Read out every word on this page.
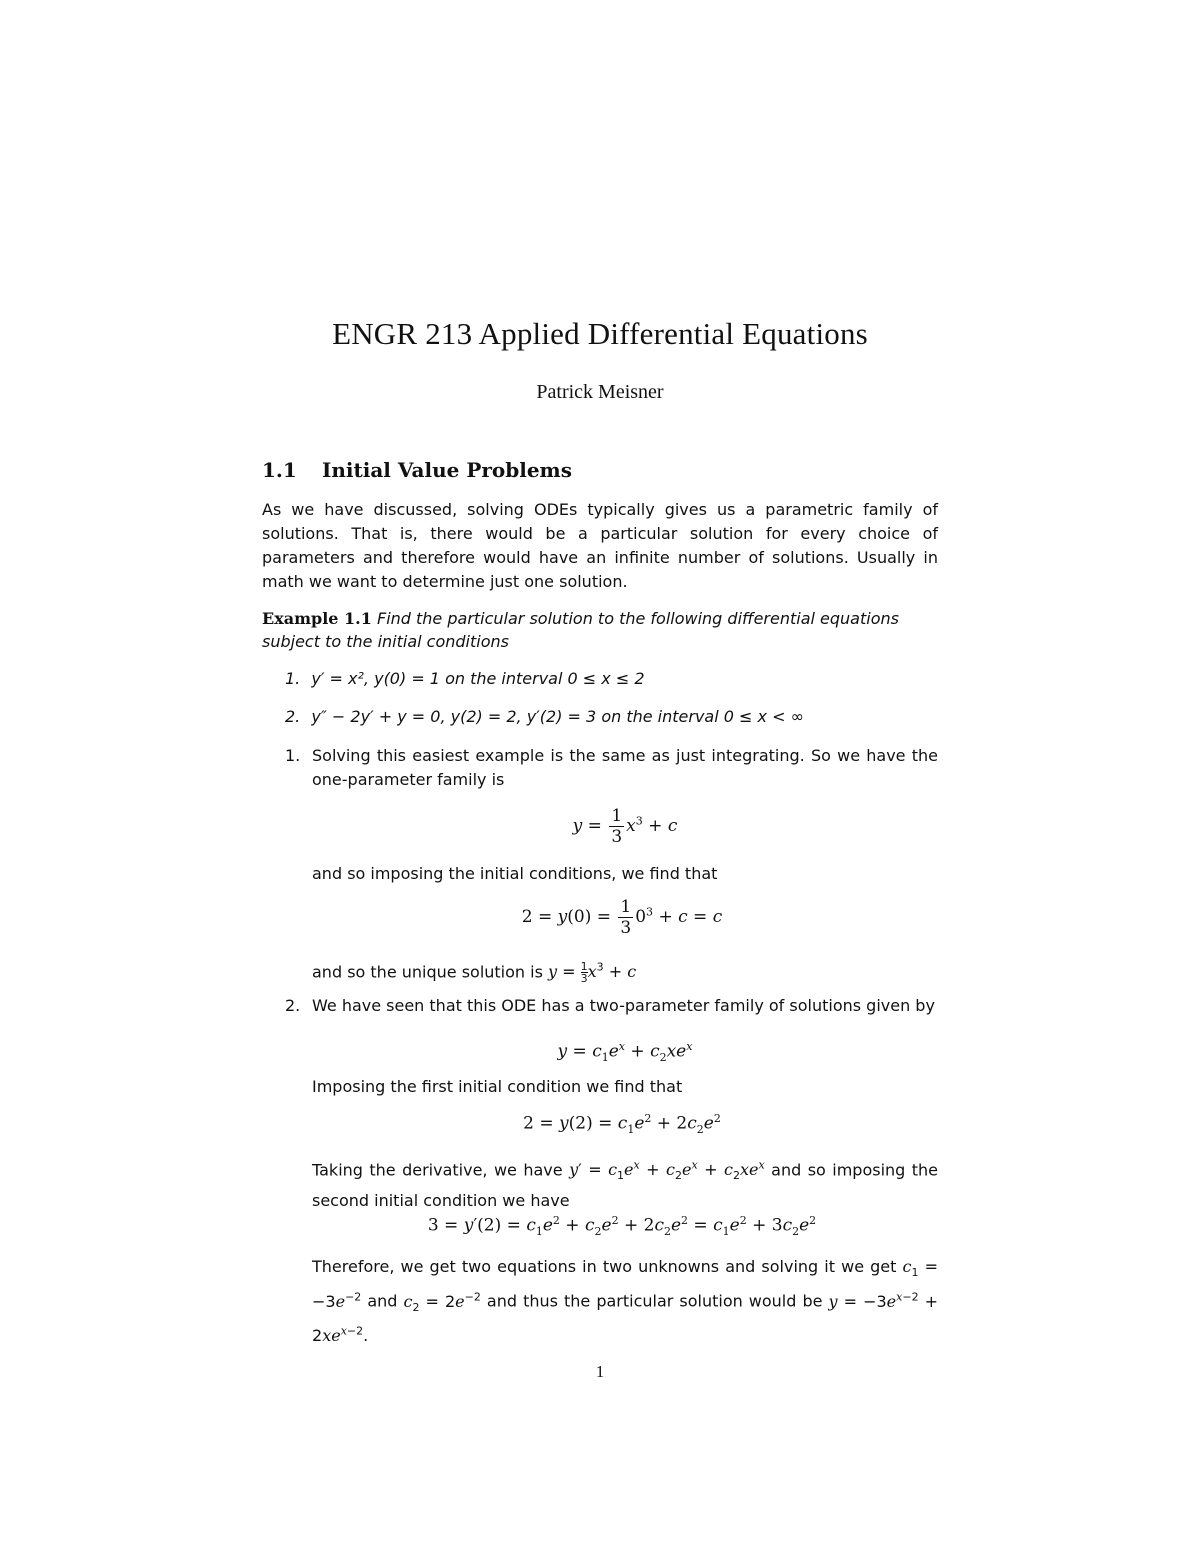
ENGR 213 Applied Differential Equations
Patrick Meisner
1.1 Initial Value Problems
As we have discussed, solving ODEs typically gives us a parametric family of solutions. That is, there would be a particular solution for every choice of parameters and therefore would have an infinite number of solutions. Usually in math we want to determine just one solution.
Example 1.1 Find the particular solution to the following differential equations subject to the initial conditions
1. y′ = x², y(0) = 1 on the interval 0 ≤ x ≤ 2
2. y″ − 2y′ + y = 0, y(2) = 2, y′(2) = 3 on the interval 0 ≤ x < ∞
1. Solving this easiest example is the same as just integrating. So we have the one-parameter family is
$y = \frac{1}{3} x^3 + c$
and so imposing the initial conditions, we find that
$2 = y(0) = \frac{1}{3} 0^3 + c = c$
and so the unique solution is $y = \frac{1}{3} x^3 + c$
2. We have seen that this ODE has a two-parameter family of solutions given by
$y = c_1e^x + c_2xe^x$
Imposing the first initial condition we find that
$2 = y(2) = c_1e^2 + 2c_2e^2$
Taking the derivative, we have $y' = c_1e^x + c_2e^x + c_2xe^x$ and so imposing the second initial condition we have
$3 = y'(2) = c_1e^2 + c_2e^2 + 2c_2e^2 = c_1e^2 + 3c_2e^2$
Therefore, we get two equations in two unknowns and solving it we get $c_1 = -3e^{-2}$ and $c_2 = 2e^{-2}$ and thus the particular solution would be $y = -3e^{x-2} + 2xe^{x-2}$.
1
